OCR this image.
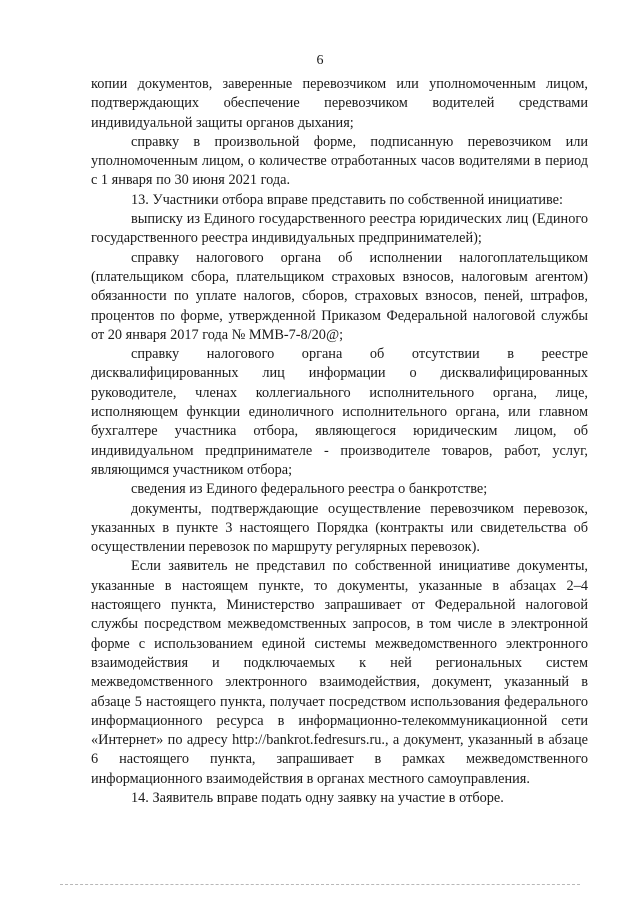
6

копии документов, заверенные перевозчиком или уполномоченным лицом, подтверждающих обеспечение перевозчиком водителей средствами индивидуальной защиты органов дыхания;

справку в произвольной форме, подписанную перевозчиком или уполномоченным лицом, о количестве отработанных часов водителями в период с 1 января по 30 июня 2021 года.

13. Участники отбора вправе представить по собственной инициативе:

выписку из Единого государственного реестра юридических лиц (Единого государственного реестра индивидуальных предпринимателей);

справку налогового органа об исполнении налогоплательщиком (плательщиком сбора, плательщиком страховых взносов, налоговым агентом) обязанности по уплате налогов, сборов, страховых взносов, пеней, штрафов, процентов по форме, утвержденной Приказом Федеральной налоговой службы от 20 января 2017 года № ММВ-7-8/20@;

справку налогового органа об отсутствии в реестре дисквалифицированных лиц информации о дисквалифицированных руководителе, членах коллегиального исполнительного органа, лице, исполняющем функции единоличного исполнительного органа, или главном бухгалтере участника отбора, являющегося юридическим лицом, об индивидуальном предпринимателе - производителе товаров, работ, услуг, являющимся участником отбора;

сведения из Единого федерального реестра о банкротстве;

документы, подтверждающие осуществление перевозчиком перевозок, указанных в пункте 3 настоящего Порядка (контракты или свидетельства об осуществлении перевозок по маршруту регулярных перевозок).

Если заявитель не представил по собственной инициативе документы, указанные в настоящем пункте, то документы, указанные в абзацах 2–4 настоящего пункта, Министерство запрашивает от Федеральной налоговой службы посредством межведомственных запросов, в том числе в электронной форме с использованием единой системы межведомственного электронного взаимодействия и подключаемых к ней региональных систем межведомственного электронного взаимодействия, документ, указанный в абзаце 5 настоящего пункта, получает посредством использования федерального информационного ресурса в информационно-телекоммуникационной сети «Интернет» по адресу http://bankrot.fedresurs.ru., а документ, указанный в абзаце 6 настоящего пункта, запрашивает в рамках межведомственного информационного взаимодействия в органах местного самоуправления.

14. Заявитель вправе подать одну заявку на участие в отборе.
